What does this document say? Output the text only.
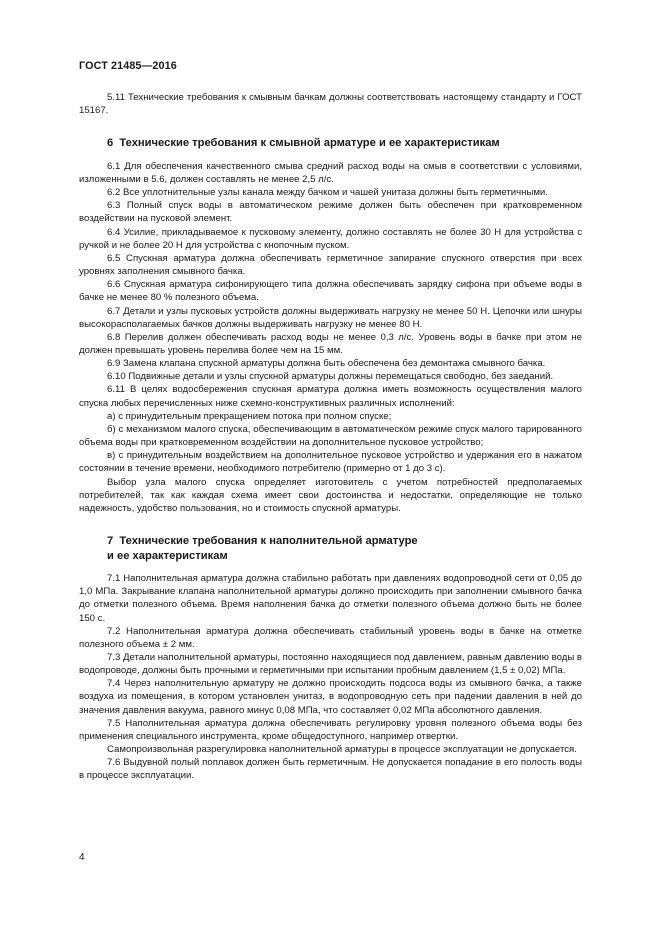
ГОСТ 21485—2016

5.11 Технические требования к смывным бачкам должны соответствовать настоящему стандарту и ГОСТ 15167.

6 Технические требования к смывной арматуре и ее характеристикам

6.1 Для обеспечения качественного смыва средний расход воды на смыв в соответствии с условиями, изложенными в 5.6, должен составлять не менее 2,5 л/с.

6.2 Все уплотнительные узлы канала между бачком и чашей унитаза должны быть герметичными.

6.3 Полный спуск воды в автоматическом режиме должен быть обеспечен при кратковременном воздействии на пусковой элемент.

6.4 Усилие, прикладываемое к пусковому элементу, должно составлять не более 30 Н для устройства с ручкой и не более 20 Н для устройства с кнопочным пуском.

6.5 Спускная арматура должна обеспечивать герметичное запирание спускного отверстия при всех уровнях заполнения смывного бачка.

6.6 Спускная арматура сифонирующего типа должна обеспечивать зарядку сифона при объеме воды в бачке не менее 80 % полезного объема.

6.7 Детали и узлы пусковых устройств должны выдерживать нагрузку не менее 50 Н. Цепочки или шнуры высокорасполагаемых бачков должны выдерживать нагрузку не менее 80 Н.

6.8 Перелив должен обеспечивать расход воды не менее 0,3 л/с. Уровень воды в бачке при этом не должен превышать уровень перелива более чем на 15 мм.

6.9 Замена клапана спускной арматуры должна быть обеспечена без демонтажа смывного бачка.

6.10 Подвижные детали и узлы спускной арматуры должны перемещаться свободно, без заеданий.

6.11 В целях водосбережения спускная арматура должна иметь возможность осуществления малого спуска любых перечисленных ниже схемно-конструктивных различных исполнений:

а) с принудительным прекращением потока при полном спуске;

б) с механизмом малого спуска, обеспечивающим в автоматическом режиме спуск малого тарированного объема воды при кратковременном воздействии на дополнительное пусковое устройство;

в) с принудительным воздействием на дополнительное пусковое устройство и удержания его в нажатом состоянии в течение времени, необходимого потребителю (примерно от 1 до 3 с).

Выбор узла малого спуска определяет изготовитель с учетом потребностей предполагаемых потребителей, так как каждая схема имеет свои достоинства и недостатки, определяющие не только надежность, удобство пользования, но и стоимость спускной арматуры.

7 Технические требования к наполнительной арматуре
и ее характеристикам

7.1 Наполнительная арматура должна стабильно работать при давлениях водопроводной сети от 0,05 до 1,0 МПа. Закрывание клапана наполнительной арматуры должно происходить при заполнении смывного бачка до отметки полезного объема. Время наполнения бачка до отметки полезного объема должно быть не более 150 с.

7.2 Наполнительная арматура должна обеспечивать стабильный уровень воды в бачке на отметке полезного объема ± 2 мм.

7.3 Детали наполнительной арматуры, постоянно находящиеся под давлением, равным давлению воды в водопроводе, должны быть прочными и герметичными при испытании пробным давлением (1,5 ± 0,02) МПа.

7.4 Через наполнительную арматуру не должно происходить подсоса воды из смывного бачка, а также воздуха из помещения, в котором установлен унитаз, в водопроводную сеть при падении давления в ней до значения давления вакуума, равного минус 0,08 МПа, что составляет 0,02 МПа абсолютного давления.

7.5 Наполнительная арматура должна обеспечивать регулировку уровня полезного объема воды без применения специального инструмента, кроме общедоступного, например отвертки.

Самопроизвольная разрегулировка наполнительной арматуры в процессе эксплуатации не допускается.

7.6 Выдувной полый поплавок должен быть герметичным. Не допускается попадание в его полость воды в процессе эксплуатации.

4
